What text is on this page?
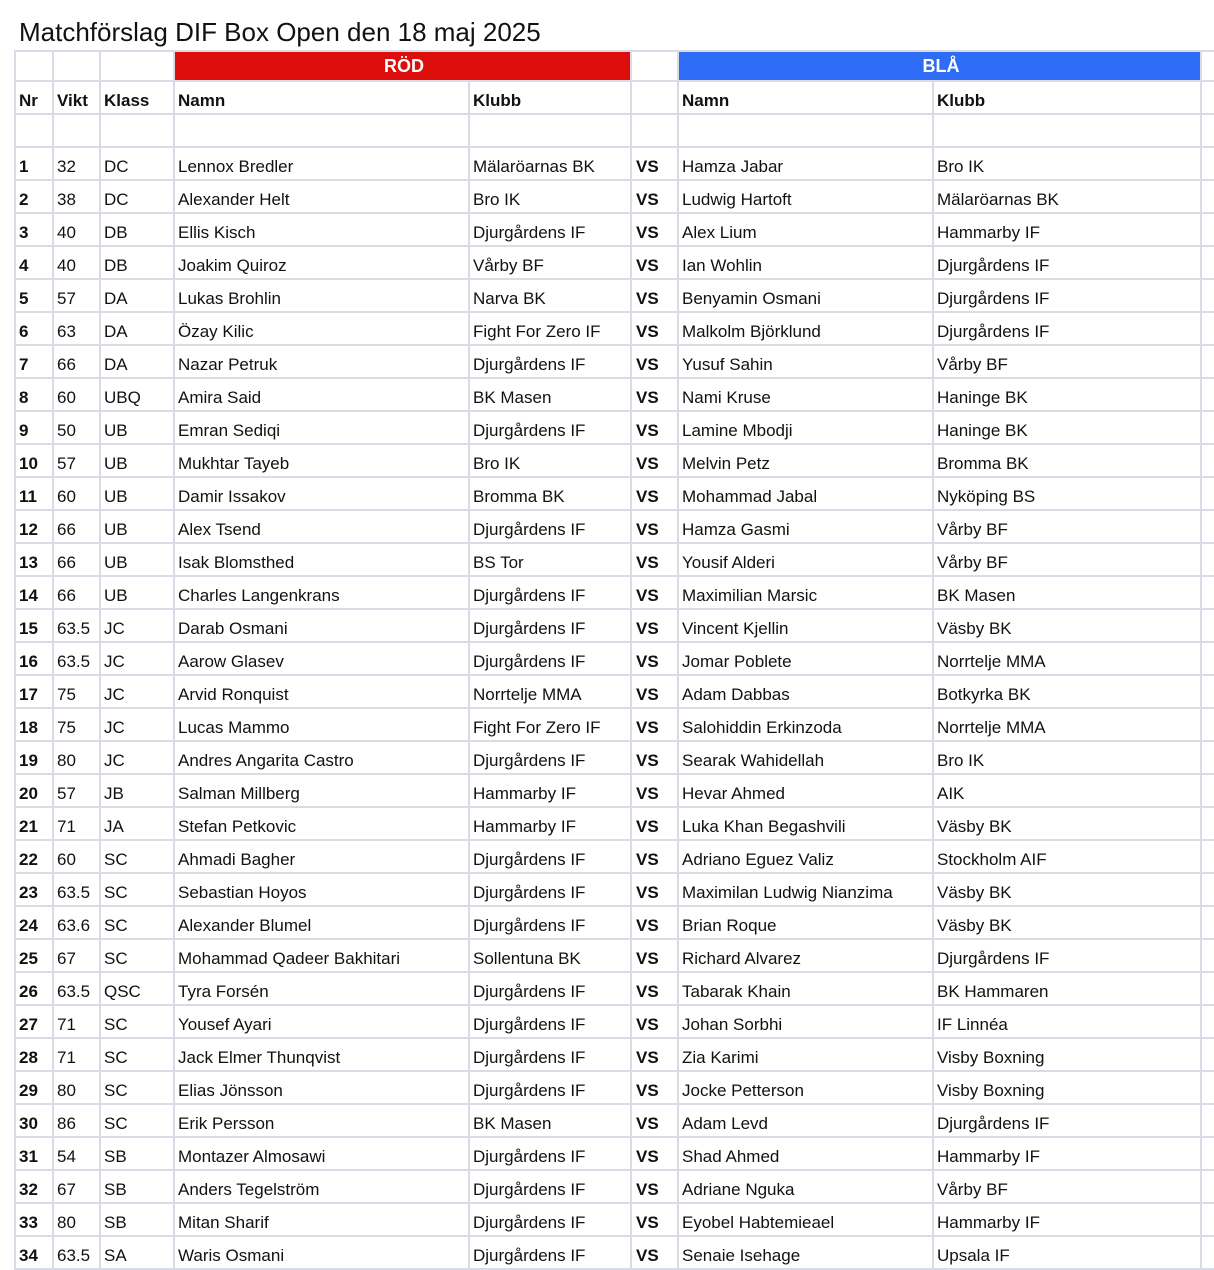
Matchförslag DIF Box Open den 18 maj 2025
			RÖD			BLÅ		
Nr	Vikt	Klass	Namn	Klubb		Namn	Klubb	

1	32	DC	Lennox Bredler	Mälaröarnas BK	VS	Hamza Jabar	Bro IK	
2	38	DC	Alexander Helt	Bro IK	VS	Ludwig Hartoft	Mälaröarnas BK	
3	40	DB	Ellis Kisch	Djurgårdens IF	VS	Alex Lium	Hammarby IF	
4	40	DB	Joakim Quiroz	Vårby BF	VS	Ian Wohlin	Djurgårdens IF	
5	57	DA	Lukas Brohlin	Narva BK	VS	Benyamin Osmani	Djurgårdens IF	
6	63	DA	Özay Kilic	Fight For Zero IF	VS	Malkolm Björklund	Djurgårdens IF	
7	66	DA	Nazar Petruk	Djurgårdens IF	VS	Yusuf Sahin	Vårby BF	
8	60	UBQ	Amira Said	BK Masen	VS	Nami Kruse	Haninge BK	
9	50	UB	Emran Sediqi	Djurgårdens IF	VS	Lamine Mbodji	Haninge BK	
10	57	UB	Mukhtar Tayeb	Bro IK	VS	Melvin Petz	Bromma BK	
11	60	UB	Damir Issakov	Bromma BK	VS	Mohammad Jabal	Nyköping BS	
12	66	UB	Alex Tsend	Djurgårdens IF	VS	Hamza Gasmi	Vårby BF	
13	66	UB	Isak Blomsthed	BS Tor	VS	Yousif Alderi	Vårby BF	
14	66	UB	Charles Langenkrans	Djurgårdens IF	VS	Maximilian Marsic	BK Masen	
15	63.5	JC	Darab Osmani	Djurgårdens IF	VS	Vincent Kjellin	Väsby BK	
16	63.5	JC	Aarow Glasev	Djurgårdens IF	VS	Jomar Poblete	Norrtelje MMA	
17	75	JC	Arvid Ronquist	Norrtelje MMA	VS	Adam Dabbas	Botkyrka BK	
18	75	JC	Lucas Mammo	Fight For Zero IF	VS	Salohiddin Erkinzoda	Norrtelje MMA	
19	80	JC	Andres Angarita Castro	Djurgårdens IF	VS	Searak Wahidellah	Bro IK	
20	57	JB	Salman Millberg	Hammarby IF	VS	Hevar Ahmed	AIK	
21	71	JA	Stefan Petkovic	Hammarby IF	VS	Luka Khan Begashvili	Väsby BK	
22	60	SC	Ahmadi Bagher	Djurgårdens IF	VS	Adriano Eguez Valiz	Stockholm AIF	
23	63.5	SC	Sebastian Hoyos	Djurgårdens IF	VS	Maximilan Ludwig Nianzima	Väsby BK	
24	63.6	SC	Alexander Blumel	Djurgårdens IF	VS	Brian Roque	Väsby BK	
25	67	SC	Mohammad Qadeer Bakhitari	Sollentuna BK	VS	Richard Alvarez	Djurgårdens IF	
26	63.5	QSC	Tyra Forsén	Djurgårdens IF	VS	Tabarak Khain	BK Hammaren	
27	71	SC	Yousef Ayari	Djurgårdens IF	VS	Johan Sorbhi	IF Linnéa	
28	71	SC	Jack Elmer Thunqvist	Djurgårdens IF	VS	Zia Karimi	Visby Boxning	
29	80	SC	Elias Jönsson	Djurgårdens IF	VS	Jocke Petterson	Visby Boxning	
30	86	SC	Erik Persson	BK Masen	VS	Adam Levd	Djurgårdens IF	
31	54	SB	Montazer Almosawi	Djurgårdens IF	VS	Shad Ahmed	Hammarby IF	
32	67	SB	Anders Tegelström	Djurgårdens IF	VS	Adriane Nguka	Vårby BF	
33	80	SB	Mitan Sharif	Djurgårdens IF	VS	Eyobel Habtemieael	Hammarby IF	
34	63.5	SA	Waris Osmani	Djurgårdens IF	VS	Senaie Isehage	Upsala IF	
